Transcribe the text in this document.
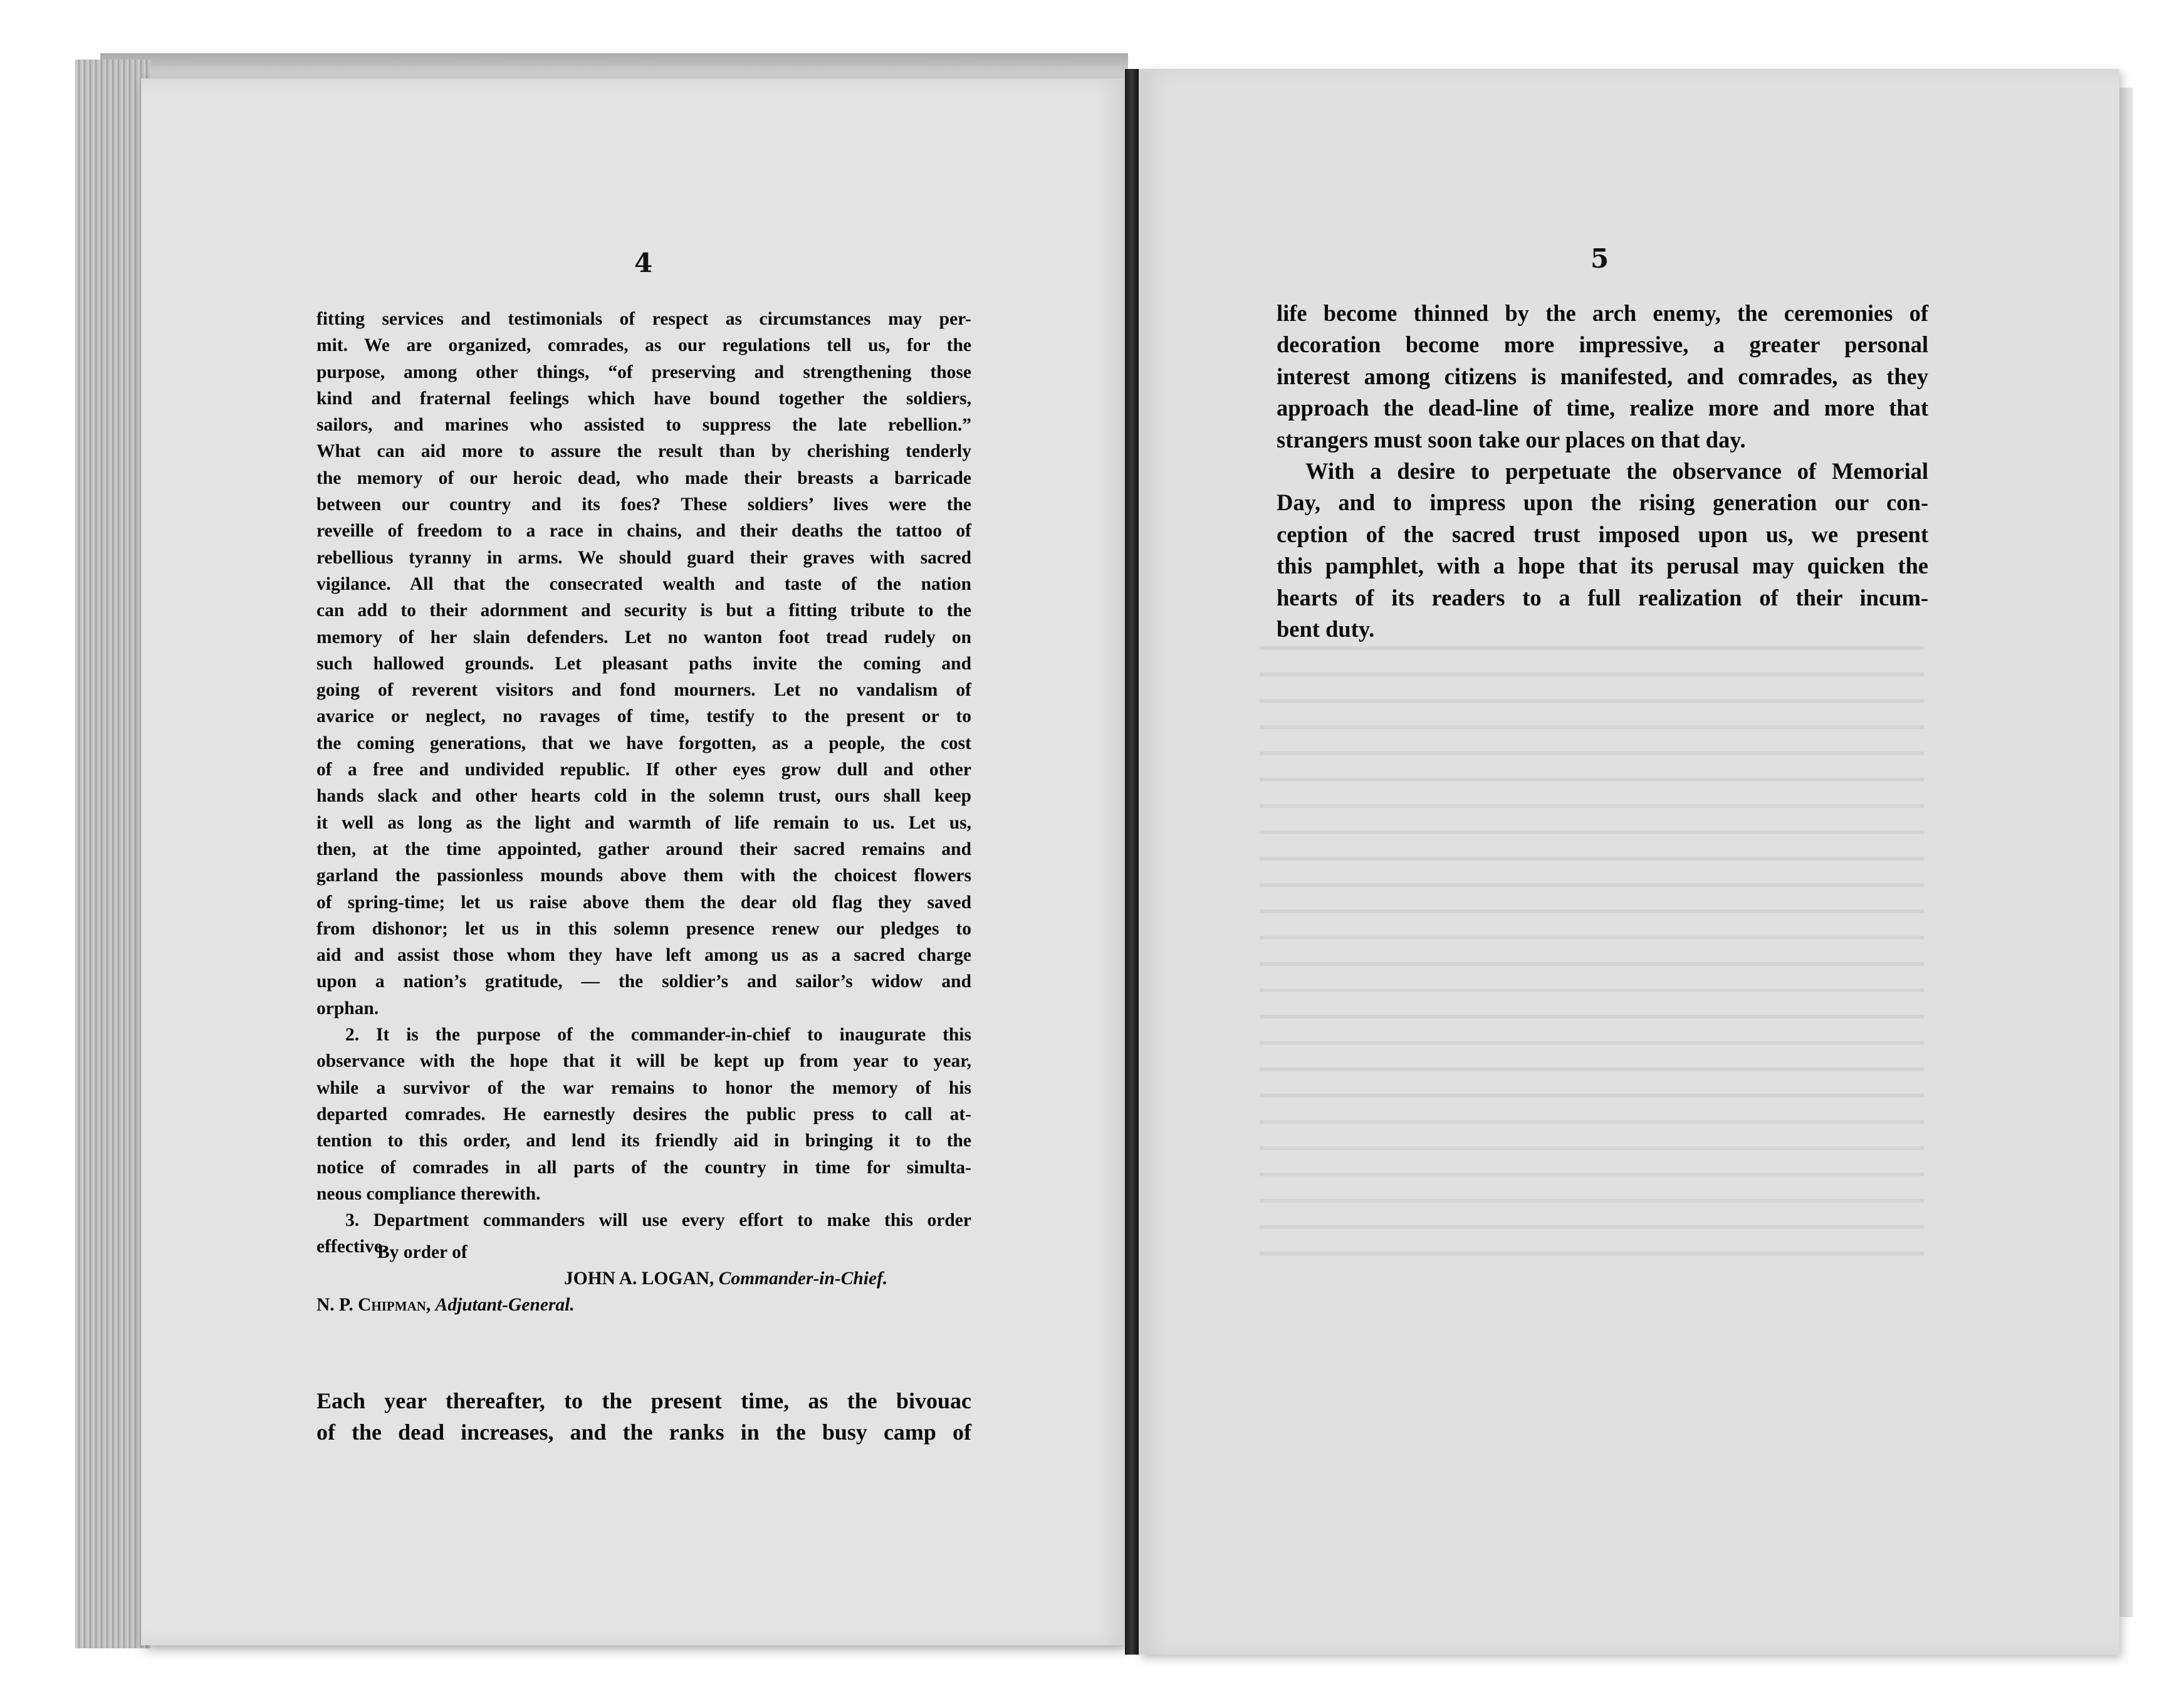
4
fitting services and testimonials of respect as circumstances may per-
mit. We are organized, comrades, as our regulations tell us, for the
purpose, among other things, “of preserving and strengthening those
kind and fraternal feelings which have bound together the soldiers,
sailors, and marines who assisted to suppress the late rebellion.”
What can aid more to assure the result than by cherishing tenderly
the memory of our heroic dead, who made their breasts a barricade
between our country and its foes? These soldiers’ lives were the
reveille of freedom to a race in chains, and their deaths the tattoo of
rebellious tyranny in arms. We should guard their graves with sacred
vigilance. All that the consecrated wealth and taste of the nation
can add to their adornment and security is but a fitting tribute to the
memory of her slain defenders. Let no wanton foot tread rudely on
such hallowed grounds. Let pleasant paths invite the coming and
going of reverent visitors and fond mourners. Let no vandalism of
avarice or neglect, no ravages of time, testify to the present or to
the coming generations, that we have forgotten, as a people, the cost
of a free and undivided republic. If other eyes grow dull and other
hands slack and other hearts cold in the solemn trust, ours shall keep
it well as long as the light and warmth of life remain to us. Let us,
then, at the time appointed, gather around their sacred remains and
garland the passionless mounds above them with the choicest flowers
of spring-time; let us raise above them the dear old flag they saved
from dishonor; let us in this solemn presence renew our pledges to
aid and assist those whom they have left among us as a sacred charge
upon a nation’s gratitude, — the soldier’s and sailor’s widow and
orphan.
2. It is the purpose of the commander-in-chief to inaugurate this
observance with the hope that it will be kept up from year to year,
while a survivor of the war remains to honor the memory of his
departed comrades. He earnestly desires the public press to call at-
tention to this order, and lend its friendly aid in bringing it to the
notice of comrades in all parts of the country in time for simulta-
neous compliance therewith.
3. Department commanders will use every effort to make this order
effective.
By order of
JOHN A. LOGAN, Commander-in-Chief.
N. P. Chipman, Adjutant-General.
Each year thereafter, to the present time, as the bivouac
of the dead increases, and the ranks in the busy camp of
5
life become thinned by the arch enemy, the ceremonies of
decoration become more impressive, a greater personal
interest among citizens is manifested, and comrades, as they
approach the dead-line of time, realize more and more that
strangers must soon take our places on that day.
With a desire to perpetuate the observance of Memorial
Day, and to impress upon the rising generation our con-
ception of the sacred trust imposed upon us, we present
this pamphlet, with a hope that its perusal may quicken the
hearts of its readers to a full realization of their incum-
bent duty.
